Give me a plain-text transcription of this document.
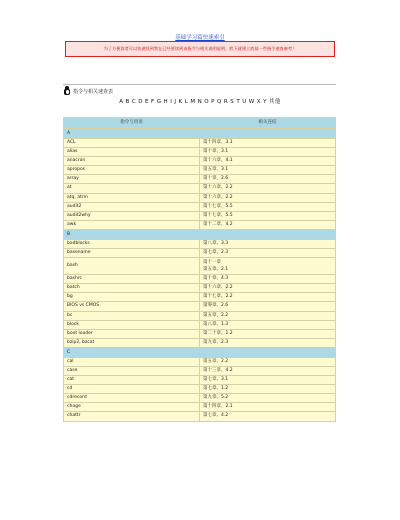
基础学习篇快速索引
为了方便读者可以快速找到我在已经要读到该指令与相关说明说明，底下就建立底基一些指令速查参考！
指令与相关速查表
A B C D E F G H I J K L M N O P Q R S T U W X Y 其他
指令与用语	相关连结
A	
ACL	第十四章、3.1

alias	第十章、3.1

anacron	第十六章、4.1

apropos	第五章、3.1

array	第十章、2.6

at	第十六章、2.2

atq, atrm	第十六章、2.2

audit2	第十七章、5.5

audit2why	第十七章、5.5

awk	第十二章、4.2

B	
badblocks	第八章、3.3

basename	第七章、2.3

bash	第十一章
第五章、2.1

bashrc	第十章、4.3

batch	第十六章、2.2

bg	第十七章、2.2

BIOS vs CMOS	第零章、2.6

bc	第五章、2.2

block	第八章、1.3

boot loader	第二十章、1.2

bzip2, bzcat	第九章、2.3

C	
cal	第五章、2.2

case	第十三章、4.2

cat	第七章、3.1

cd	第七章、1.2

cdrecord	第九章、5.2

chage	第十四章、2.1

chattr	第七章、4.2
